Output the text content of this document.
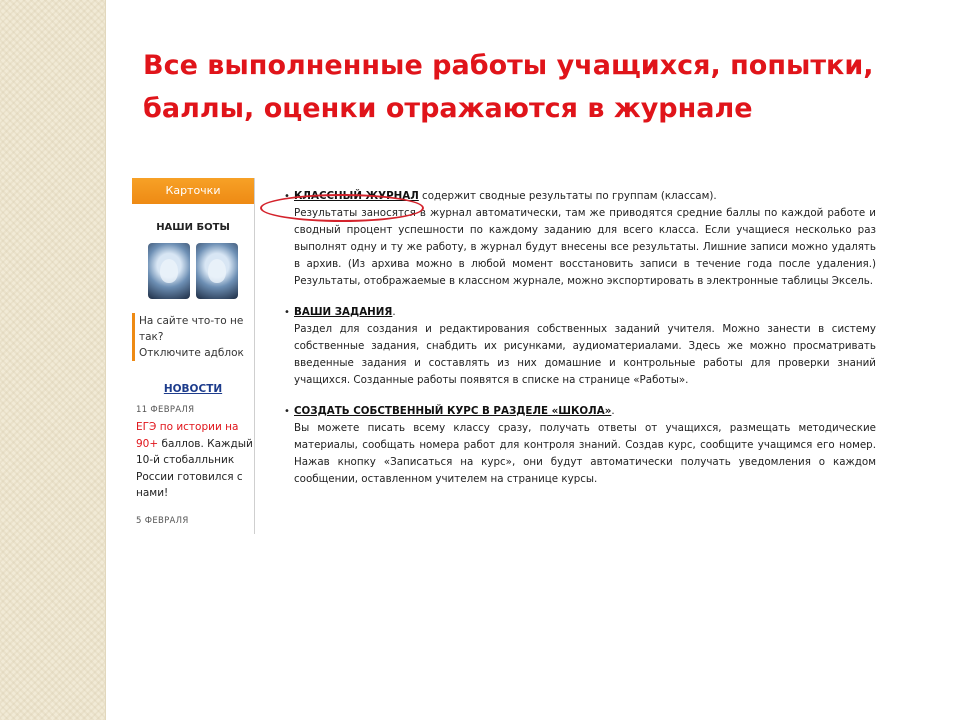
Все выполненные работы учащихся, попытки,
баллы, оценки отражаются в журнале
Карточки
НАШИ БОТЫ
На сайте что-то не так?
Отключите адблок
НОВОСТИ
11 ФЕВРАЛЯ
ЕГЭ по истории на 90+ баллов. Каждый 10-й стобалльник России готовился с нами!
5 ФЕВРАЛЯ
• КЛАССНЫЙ ЖУРНАЛ содержит сводные результаты по группам (классам).
Результаты заносятся в журнал автоматически, там же приводятся средние баллы по каждой работе и сводный процент успешности по каждому заданию для всего класса. Если учащиеся несколько раз выполнят одну и ту же работу, в журнал будут внесены все результаты. Лишние записи можно удалять в архив. (Из архива можно в любой момент восстановить записи в течение года после удаления.) Результаты, отображаемые в классном журнале, можно экспортировать в электронные таблицы Эксель.
• ВАШИ ЗАДАНИЯ.
Раздел для создания и редактирования собственных заданий учителя. Можно занести в систему собственные задания, снабдить их рисунками, аудиоматериалами. Здесь же можно просматривать введенные задания и составлять из них домашние и контрольные работы для проверки знаний учащихся. Созданные работы появятся в списке на странице «Работы».
• СОЗДАТЬ СОБСТВЕННЫЙ КУРС В РАЗДЕЛЕ «ШКОЛА».
Вы можете писать всему классу сразу, получать ответы от учащихся, размещать методические материалы, сообщать номера работ для контроля знаний. Создав курс, сообщите учащимся его номер. Нажав кнопку «Записаться на курс», они будут автоматически получать уведомления о каждом сообщении, оставленном учителем на странице курсы.
